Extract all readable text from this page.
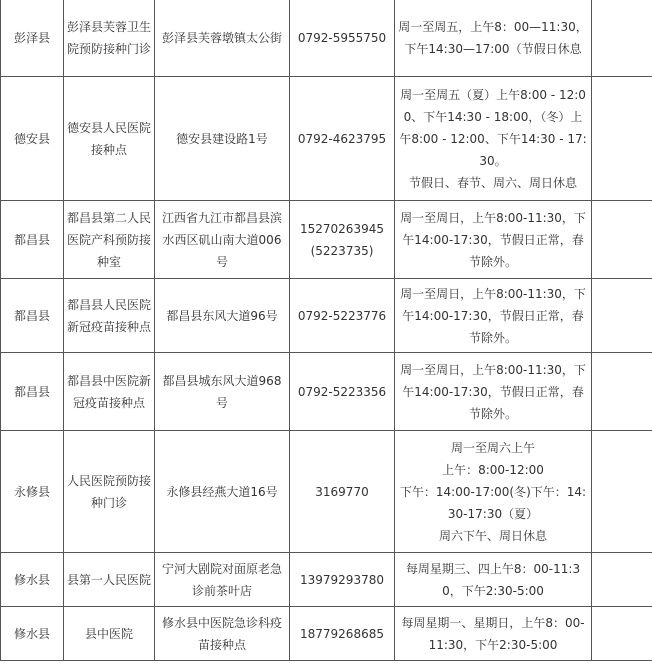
彭泽县	彭泽县芙蓉卫生院预防接种门诊	彭泽县芙蓉墩镇太公街	0792-5955750	周一至周五，上午8：00—11:30，下午14:30—17:00（节假日休息	

德安县	德安县人民医院接种点	德安县建设路1号	0792-4623795	周一至周五（夏）上午8:00 - 12:00、下午14:30 - 18:00，（冬）上午8:00 - 12:00、下午14:30 - 17:30。
节假日、春节、周六、周日休息	

都昌县	都昌县第二人民医院产科预防接种室	江西省九江市都昌县滨水西区矶山南大道006号	15270263945 (5223735)	周一至周日，上午8:00-11:30，下午14:00-17:30，节假日正常，春节除外。	

都昌县	都昌县人民医院新冠疫苗接种点	都昌县东风大道96号	0792-5223776	周一至周日，上午8:00-11:30，下午14:00-17:30，节假日正常，春节除外。	

都昌县	都昌县中医院新冠疫苗接种点	都昌县城东风大道968号	0792-5223356	周一至周日，上午8:00-11:30，下午14:00-17:30，节假日正常，春节除外。	

永修县	人民医院预防接种门诊	永修县经燕大道16号	3169770	周一至周六上午
上午：8:00-12:00
下午：14:00-17:00(冬)下午：14:30-17:30（夏）
周六下午、周日休息	

修水县	县第一人民医院	宁河大剧院对面原老急诊前茶叶店	13979293780	每周星期三、四上午8：00-11:30，下午2:30-5:00	

修水县	县中医院	修水县中医院急诊科疫苗接种点	18779268685	每周星期一、星期日，上午8：00-11:30，下午2:30-5:00	
